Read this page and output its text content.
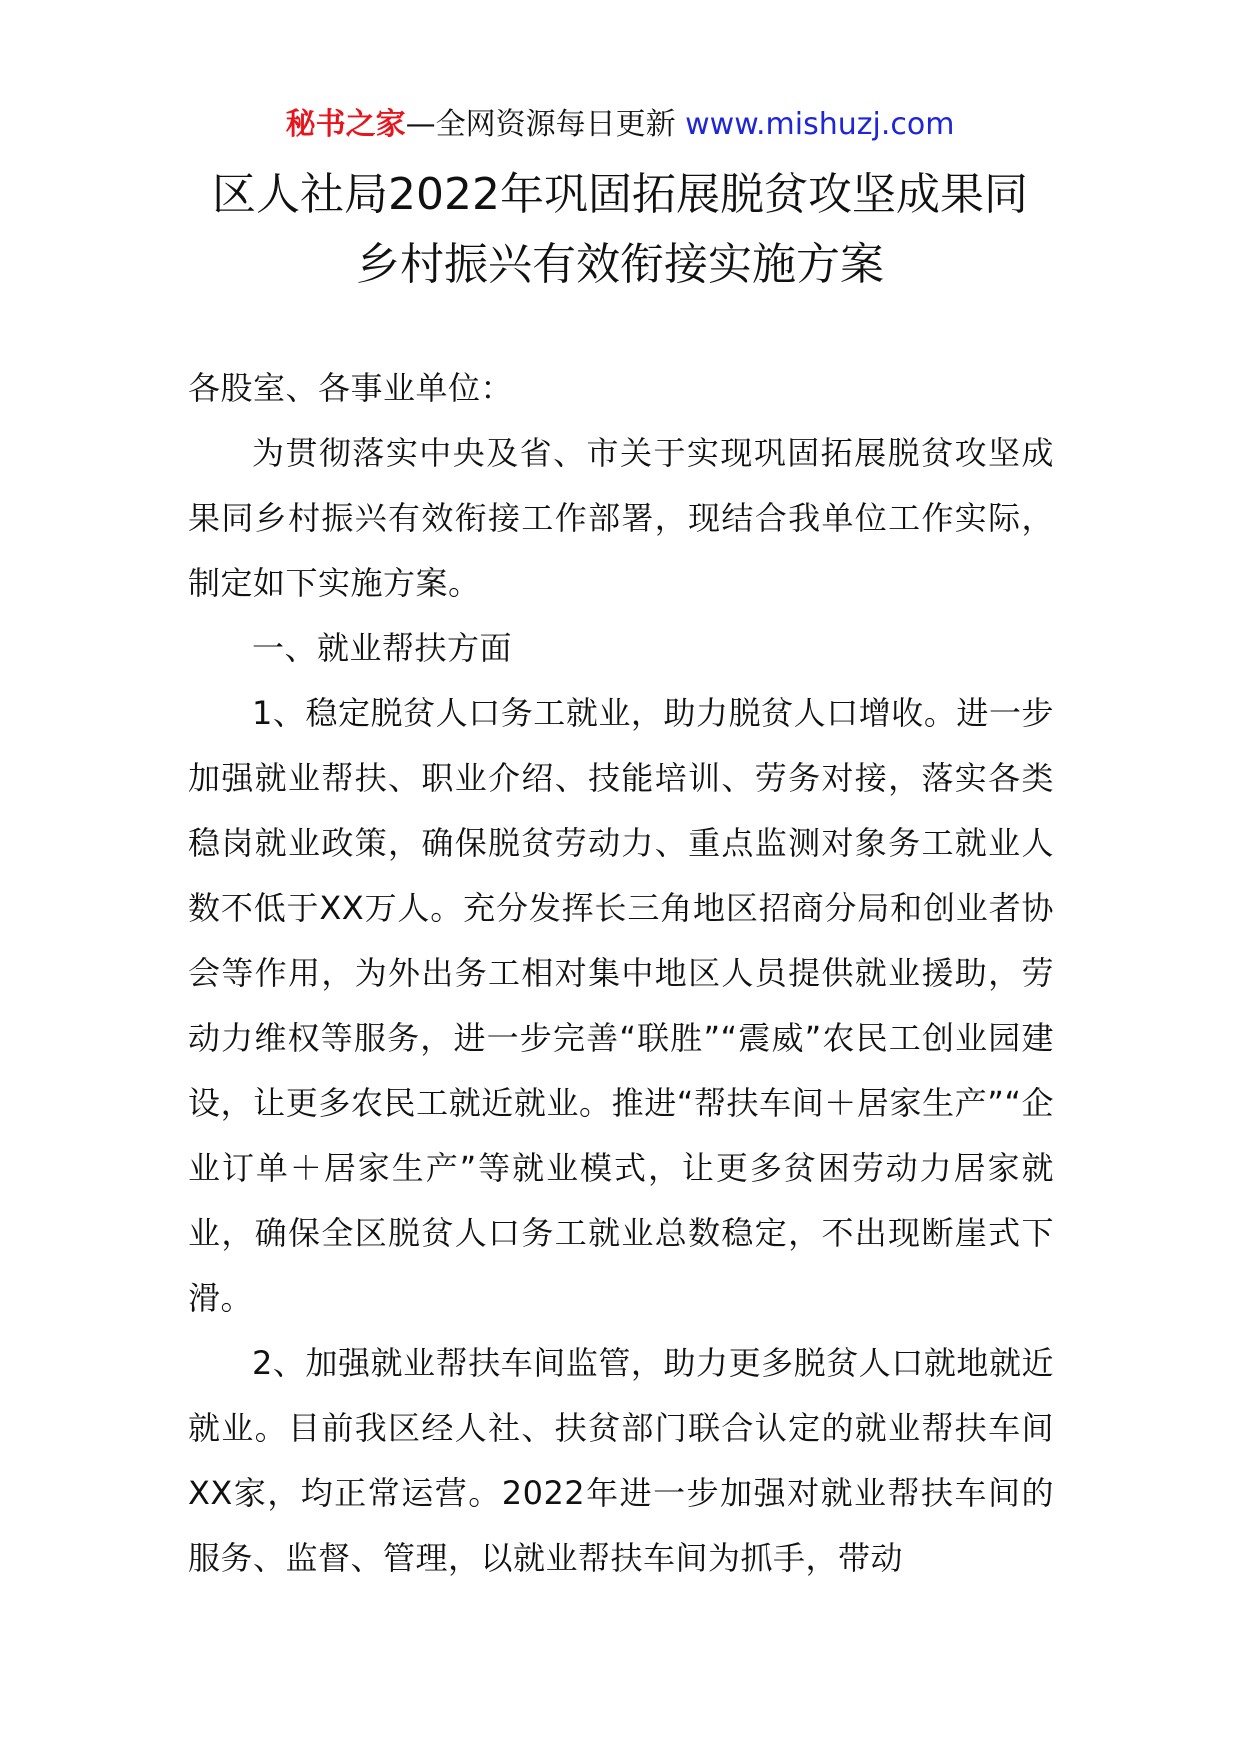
秘书之家—全网资源每日更新 www.mishuzj.com
区人社局2022年巩固拓展脱贫攻坚成果同
乡村振兴有效衔接实施方案

各股室、各事业单位：

为贯彻落实中央及省、市关于实现巩固拓展脱贫攻坚成果同乡村振兴有效衔接工作部署，现结合我单位工作实际，制定如下实施方案。

一、就业帮扶方面

1、稳定脱贫人口务工就业，助力脱贫人口增收。进一步加强就业帮扶、职业介绍、技能培训、劳务对接，落实各类稳岗就业政策，确保脱贫劳动力、重点监测对象务工就业人数不低于XX万人。充分发挥长三角地区招商分局和创业者协会等作用，为外出务工相对集中地区人员提供就业援助，劳动力维权等服务，进一步完善“联胜”“震威”农民工创业园建设，让更多农民工就近就业。推进“帮扶车间＋居家生产”“企业订单＋居家生产”等就业模式，让更多贫困劳动力居家就业，确保全区脱贫人口务工就业总数稳定，不出现断崖式下滑。

2、加强就业帮扶车间监管，助力更多脱贫人口就地就近就业。目前我区经人社、扶贫部门联合认定的就业帮扶车间XX家，均正常运营。2022年进一步加强对就业帮扶车间的服务、监督、管理，以就业帮扶车间为抓手，带动
